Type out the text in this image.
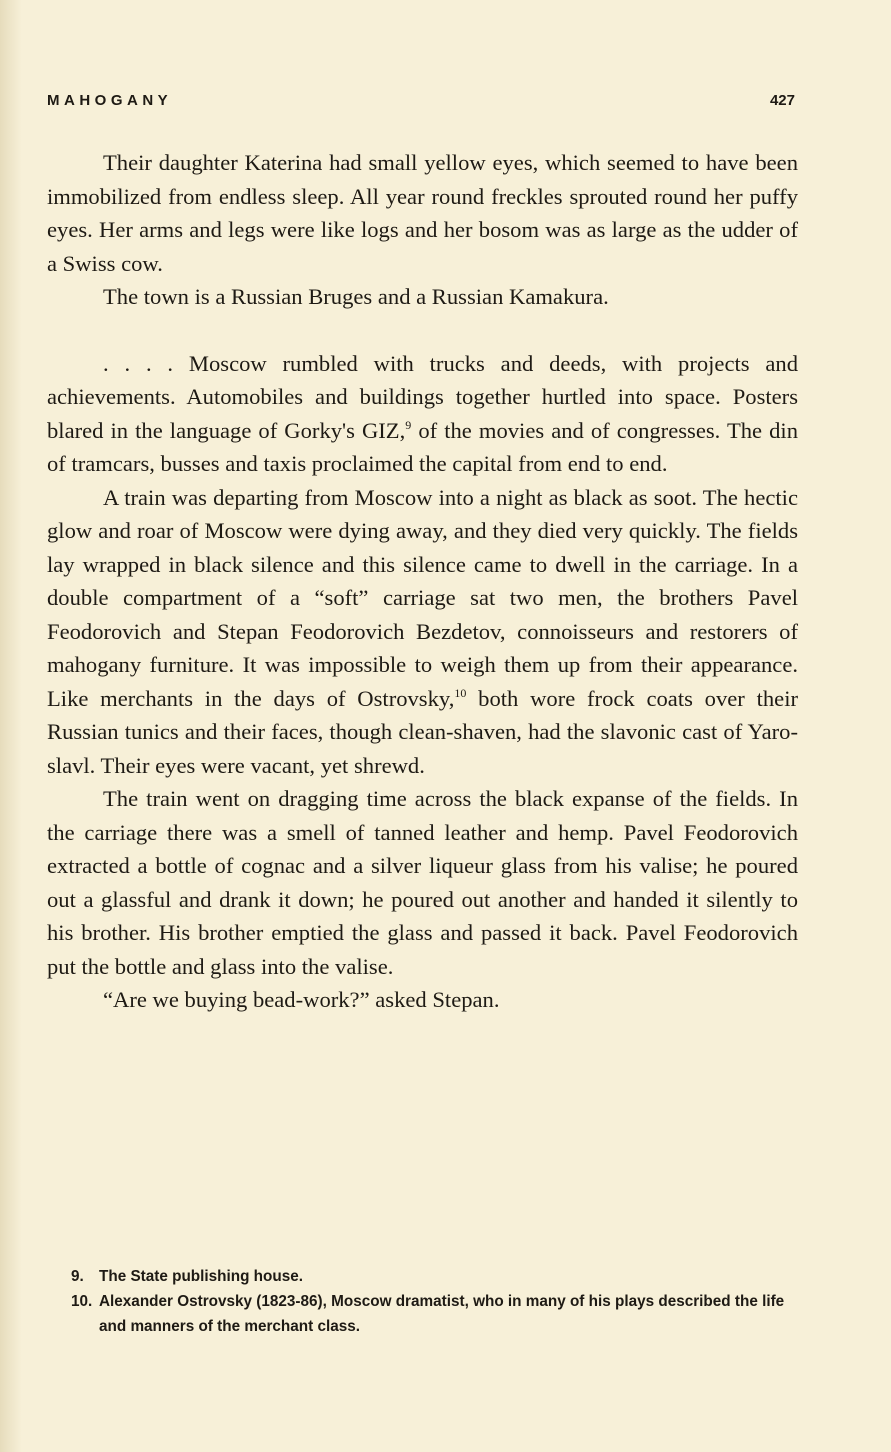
MAHOGANY	427

Their daughter Katerina had small yellow eyes, which seemed to have been immobilized from endless sleep. All year round freckles sprouted round her puffy eyes. Her arms and legs were like logs and her bosom was as large as the udder of a Swiss cow.

The town is a Russian Bruges and a Russian Kamakura.

. . . . Moscow rumbled with trucks and deeds, with projects and achievements. Automobiles and buildings together hurtled into space. Posters blared in the language of Gorky's GIZ,$^9$ of the movies and of congresses. The din of tramcars, busses and taxis proclaimed the capital from end to end.

A train was departing from Moscow into a night as black as soot. The hectic glow and roar of Moscow were dying away, and they died very quickly. The fields lay wrapped in black silence and this silence came to dwell in the carriage. In a double compartment of a “soft” carriage sat two men, the brothers Pavel Feodorovich and Stepan Feodorovich Bezdetov, connoisseurs and restorers of mahogany furniture. It was impossible to weigh them up from their appearance. Like merchants in the days of Ostrovsky,$^{10}$ both wore frock coats over their Russian tunics and their faces, though clean-shaven, had the slavonic cast of Yaroslavl. Their eyes were vacant, yet shrewd.

The train went on dragging time across the black expanse of the fields. In the carriage there was a smell of tanned leather and hemp. Pavel Feodorovich extracted a bottle of cognac and a silver liqueur glass from his valise; he poured out a glassful and drank it down; he poured out another and handed it silently to his brother. His brother emptied the glass and passed it back. Pavel Feodorovich put the bottle and glass into the valise.

“Are we buying bead-work?” asked Stepan.

9. The State publishing house.
10. Alexander Ostrovsky (1823-86), Moscow dramatist, who in many of his plays described the life and manners of the merchant class.
